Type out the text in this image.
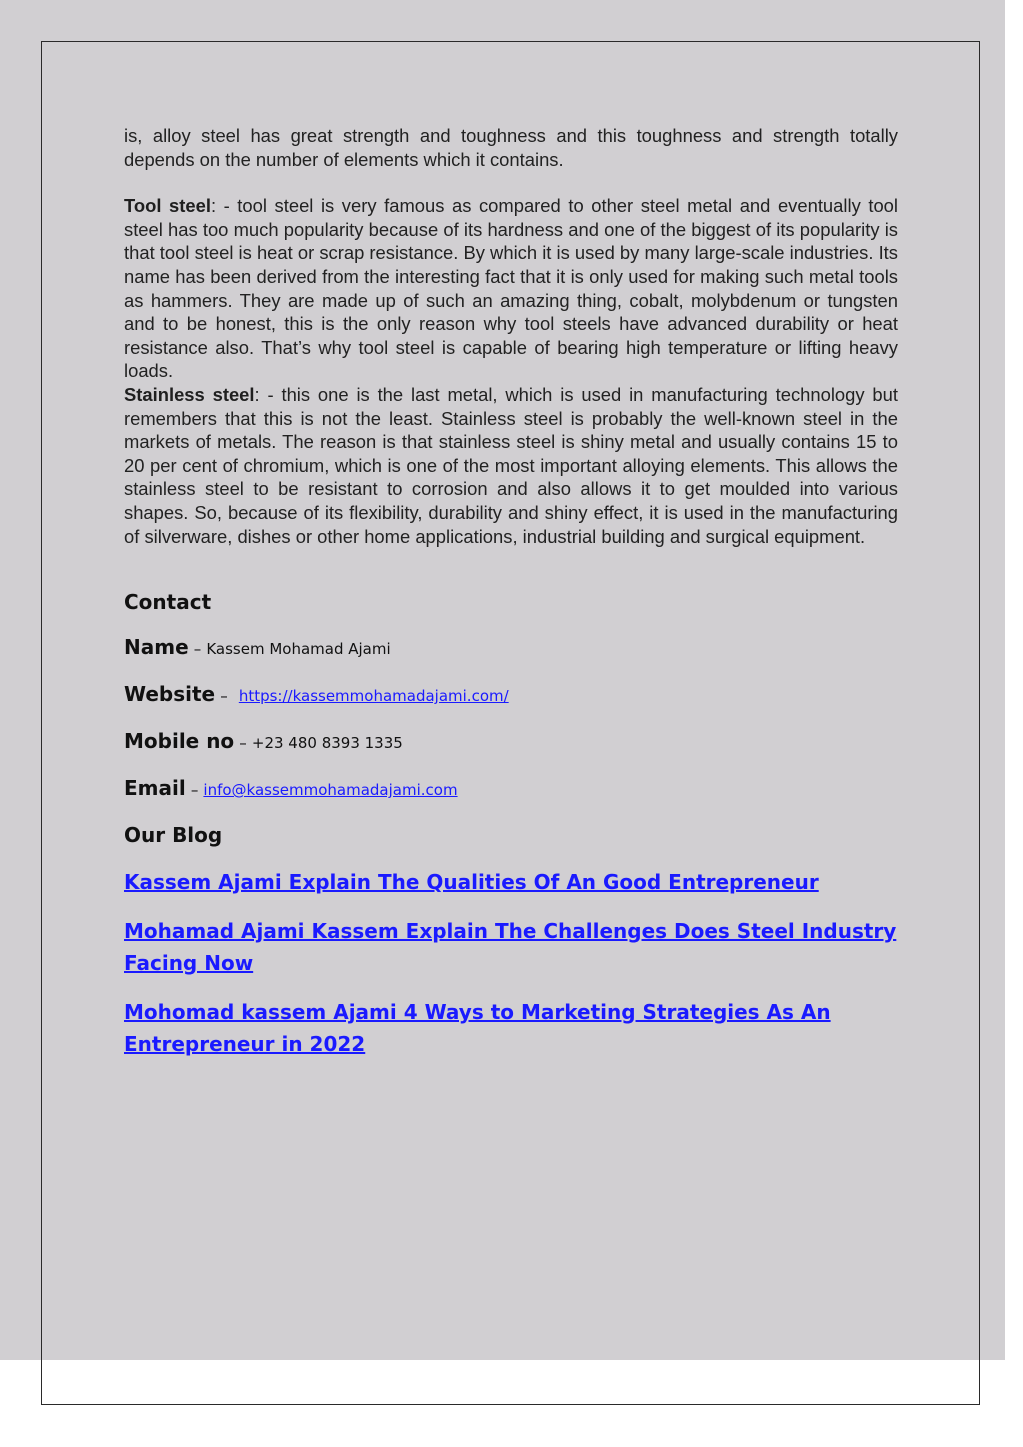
is, alloy steel has great strength and toughness and this toughness and strength totally depends on the number of elements which it contains.

Tool steel: - tool steel is very famous as compared to other steel metal and eventually tool steel has too much popularity because of its hardness and one of the biggest of its popularity is that tool steel is heat or scrap resistance. By which it is used by many large-scale industries. Its name has been derived from the interesting fact that it is only used for making such metal tools as hammers. They are made up of such an amazing thing, cobalt, molybdenum or tungsten and to be honest, this is the only reason why tool steels have advanced durability or heat resistance also. That’s why tool steel is capable of bearing high temperature or lifting heavy loads.

Stainless steel: - this one is the last metal, which is used in manufacturing technology but remembers that this is not the least. Stainless steel is probably the well-known steel in the markets of metals. The reason is that stainless steel is shiny metal and usually contains 15 to 20 per cent of chromium, which is one of the most important alloying elements. This allows the stainless steel to be resistant to corrosion and also allows it to get moulded into various shapes. So, because of its flexibility, durability and shiny effect, it is used in the manufacturing of silverware, dishes or other home applications, industrial building and surgical equipment.

Contact
Name – Kassem Mohamad Ajami
Website – https://kassemmohamadajami.com/
Mobile no – +23 480 8393 1335
Email – info@kassemmohamadajami.com
Our Blog
Kassem Ajami Explain The Qualities Of An Good Entrepreneur
Mohamad Ajami Kassem Explain The Challenges Does Steel Industry Facing Now
Mohomad kassem Ajami 4 Ways to Marketing Strategies As An Entrepreneur in 2022
